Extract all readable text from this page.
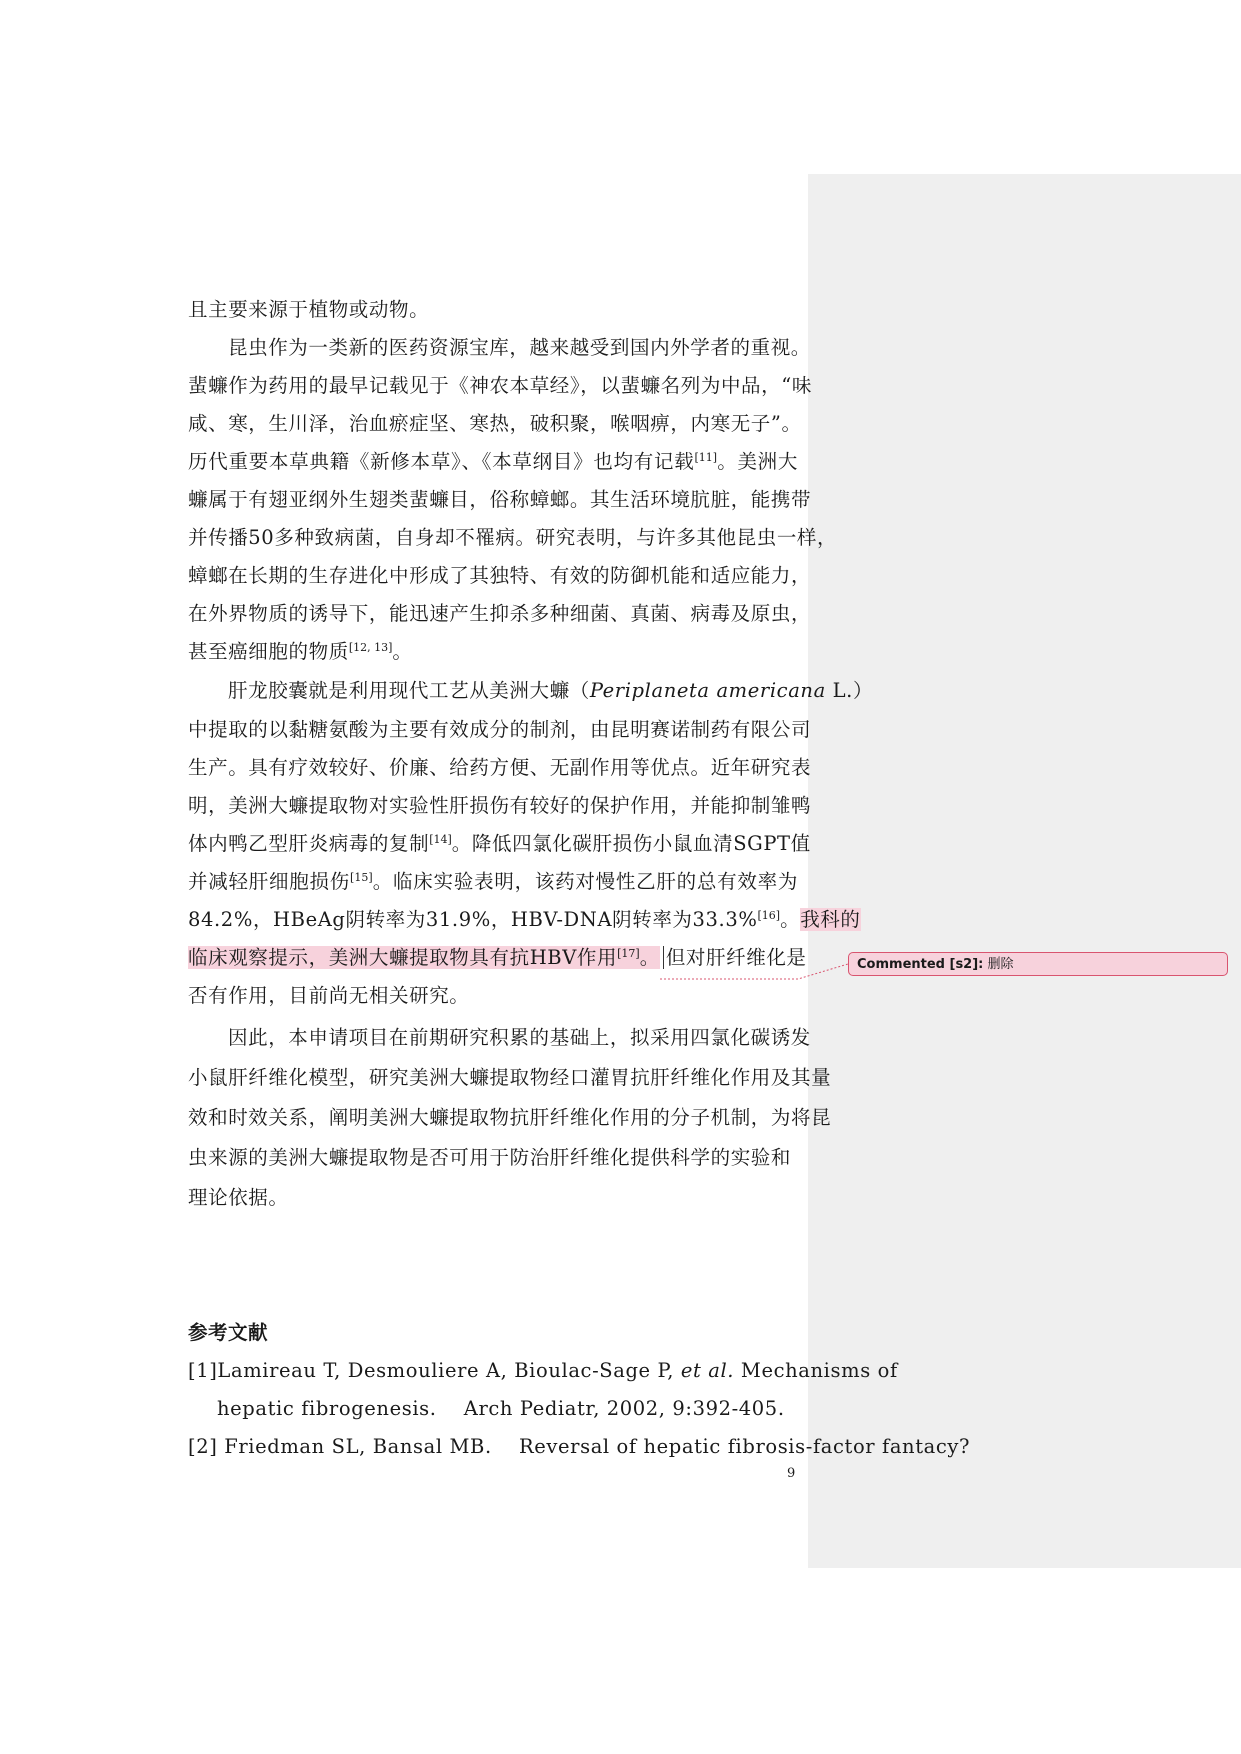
且主要来源于植物或动物。
昆虫作为一类新的医药资源宝库，越来越受到国内外学者的重视。
蜚蠊作为药用的最早记载见于《神农本草经》，以蜚蠊名列为中品，“味
咸、寒，生川泽，治血瘀症坚、寒热，破积聚，喉咽痹，内寒无子”。
历代重要本草典籍《新修本草》、《本草纲目》也均有记载[11]。美洲大
蠊属于有翅亚纲外生翅类蜚蠊目，俗称蟑螂。其生活环境肮脏，能携带
并传播50多种致病菌，自身却不罹病。研究表明，与许多其他昆虫一样，
蟑螂在长期的生存进化中形成了其独特、有效的防御机能和适应能力，
在外界物质的诱导下，能迅速产生抑杀多种细菌、真菌、病毒及原虫，
甚至癌细胞的物质[12, 13]。
肝龙胶囊就是利用现代工艺从美洲大蠊（Periplaneta americana L.）
中提取的以黏糖氨酸为主要有效成分的制剂，由昆明赛诺制药有限公司
生产。具有疗效较好、价廉、给药方便、无副作用等优点。近年研究表
明，美洲大蠊提取物对实验性肝损伤有较好的保护作用，并能抑制雏鸭
体内鸭乙型肝炎病毒的复制[14]。降低四氯化碳肝损伤小鼠血清SGPT值
并减轻肝细胞损伤[15]。临床实验表明，该药对慢性乙肝的总有效率为
84.2%，HBeAg阴转率为31.9%，HBV-DNA阴转率为33.3%[16]。我科的
临床观察提示，美洲大蠊提取物具有抗HBV作用[17]。 但对肝纤维化是
否有作用，目前尚无相关研究。
因此，本申请项目在前期研究积累的基础上，拟采用四氯化碳诱发
小鼠肝纤维化模型，研究美洲大蠊提取物经口灌胃抗肝纤维化作用及其量
效和时效关系，阐明美洲大蠊提取物抗肝纤维化作用的分子机制，为将昆
虫来源的美洲大蠊提取物是否可用于防治肝纤维化提供科学的实验和
理论依据。
参考文献
[1]Lamireau T, Desmouliere A, Bioulac-Sage P, et al. Mechanisms of
hepatic fibrogenesis.    Arch Pediatr, 2002, 9:392-405.
[2] Friedman SL, Bansal MB.    Reversal of hepatic fibrosis-factor fantacy?
9
Commented [s2]: 删除
